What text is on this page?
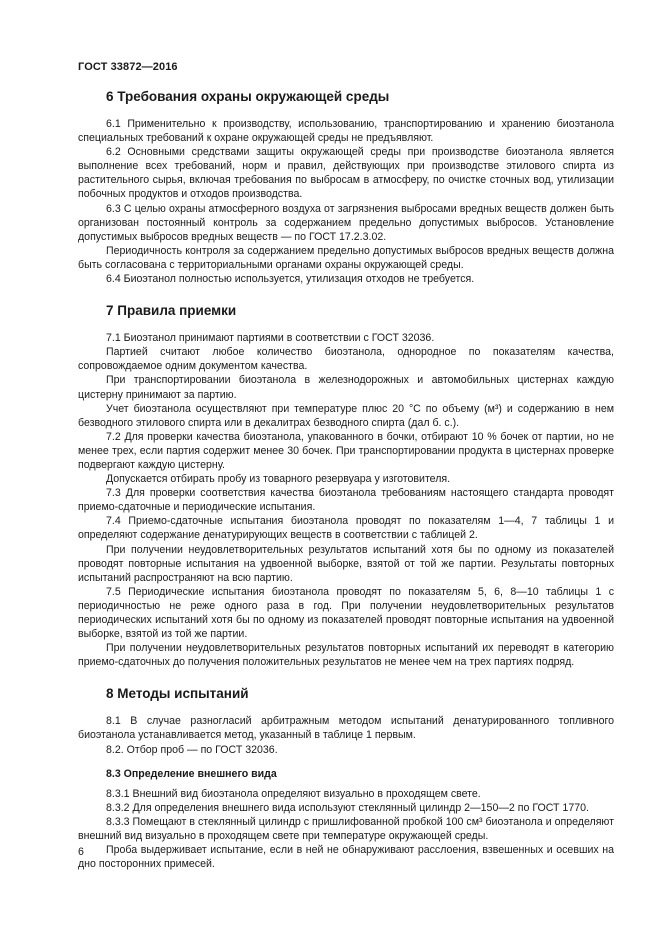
ГОСТ 33872—2016
6 Требования охраны окружающей среды

6.1 Применительно к производству, использованию, транспортированию и хранению биоэтанола специальных требований к охране окружающей среды не предъявляют.

6.2 Основными средствами защиты окружающей среды при производстве биоэтанола является выполнение всех требований, норм и правил, действующих при производстве этилового спирта из растительного сырья, включая требования по выбросам в атмосферу, по очистке сточных вод, утилизации побочных продуктов и отходов производства.

6.3 С целью охраны атмосферного воздуха от загрязнения выбросами вредных веществ должен быть организован постоянный контроль за содержанием предельно допустимых выбросов. Установление допустимых выбросов вредных веществ — по ГОСТ 17.2.3.02.

Периодичность контроля за содержанием предельно допустимых выбросов вредных веществ должна быть согласована с территориальными органами охраны окружающей среды.

6.4 Биоэтанол полностью используется, утилизация отходов не требуется.

7 Правила приемки

7.1 Биоэтанол принимают партиями в соответствии с ГОСТ 32036.

Партией считают любое количество биоэтанола, однородное по показателям качества, сопровождаемое одним документом качества.

При транспортировании биоэтанола в железнодорожных и автомобильных цистернах каждую цистерну принимают за партию.

Учет биоэтанола осуществляют при температуре плюс 20 °С по объему (м³) и содержанию в нем безводного этилового спирта или в декалитрах безводного спирта (дал б. с.).

7.2 Для проверки качества биоэтанола, упакованного в бочки, отбирают 10 % бочек от партии, но не менее трех, если партия содержит менее 30 бочек. При транспортировании продукта в цистернах проверке подвергают каждую цистерну.

Допускается отбирать пробу из товарного резервуара у изготовителя.

7.3 Для проверки соответствия качества биоэтанола требованиям настоящего стандарта проводят приемо-сдаточные и периодические испытания.

7.4 Приемо-сдаточные испытания биоэтанола проводят по показателям 1—4, 7 таблицы 1 и определяют содержание денатурирующих веществ в соответствии с таблицей 2.

При получении неудовлетворительных результатов испытаний хотя бы по одному из показателей проводят повторные испытания на удвоенной выборке, взятой от той же партии. Результаты повторных испытаний распространяют на всю партию.

7.5 Периодические испытания биоэтанола проводят по показателям 5, 6, 8—10 таблицы 1 с периодичностью не реже одного раза в год. При получении неудовлетворительных результатов периодических испытаний хотя бы по одному из показателей проводят повторные испытания на удвоенной выборке, взятой из той же партии.

При получении неудовлетворительных результатов повторных испытаний их переводят в категорию приемо-сдаточных до получения положительных результатов не менее чем на трех партиях подряд.

8 Методы испытаний

8.1 В случае разногласий арбитражным методом испытаний денатурированного топливного биоэтанола устанавливается метод, указанный в таблице 1 первым.

8.2. Отбор проб — по ГОСТ 32036.

8.3 Определение внешнего вида

8.3.1 Внешний вид биоэтанола определяют визуально в проходящем свете.

8.3.2 Для определения внешнего вида используют стеклянный цилиндр 2—150—2 по ГОСТ 1770.

8.3.3 Помещают в стеклянный цилиндр с пришлифованной пробкой 100 см³ биоэтанола и определяют внешний вид визуально в проходящем свете при температуре окружающей среды.

Проба выдерживает испытание, если в ней не обнаруживают расслоения, взвешенных и осевших на дно посторонних примесей.

6
